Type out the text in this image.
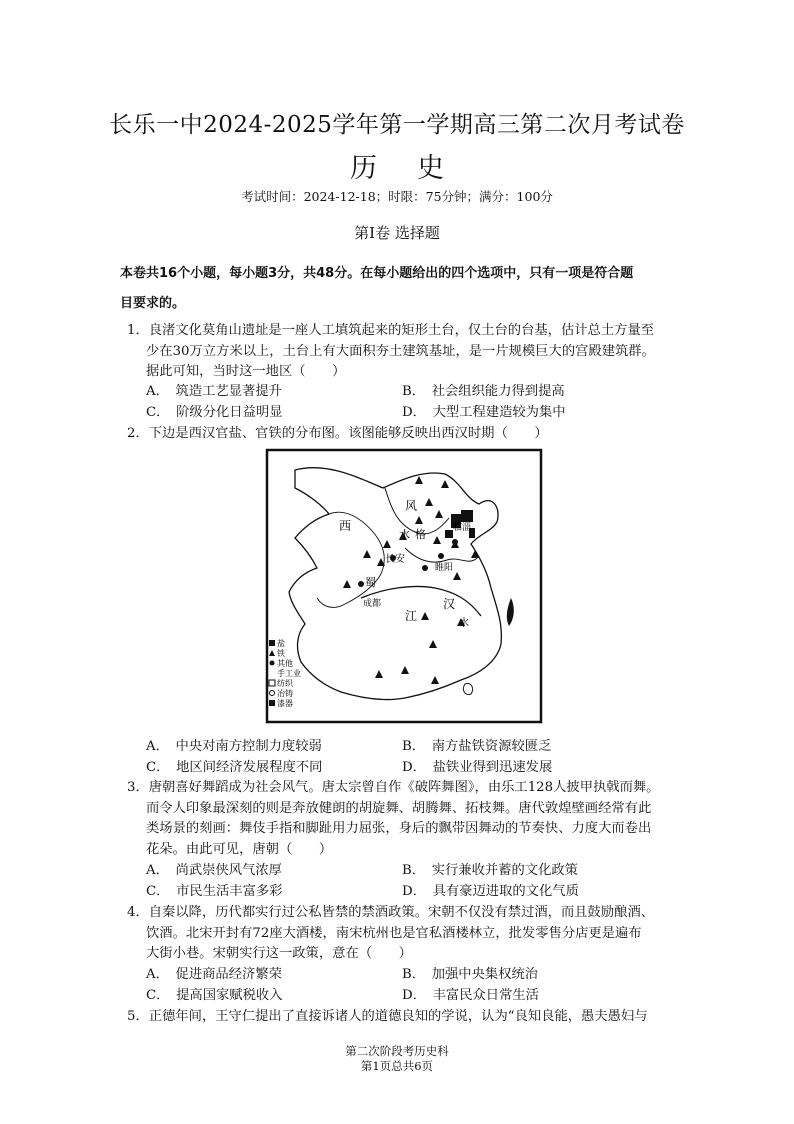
长乐一中2024-2025学年第一学期高三第二次月考试卷
历史
考试时间：2024-12-18；时限：75分钟；满分：100分
第Ⅰ卷 选择题
本卷共16个小题，每小题3分，共48分。在每小题给出的四个选项中，只有一项是符合题
目要求的。
1．良渚文化莫角山遗址是一座人工填筑起来的矩形土台，仅土台的台基，估计总土方量至
少在30万立方米以上，土台上有大面积夯土建筑基址，是一片规模巨大的宫殿建筑群。
据此可知，当时这一地区（　　）
A．　筑造工艺显著提升	B．　社会组织能力得到提高
C．　阶级分化日益明显	D．　大型工程建造较为集中
2．下边是西汉官盐、官铁的分布图。该图能够反映出西汉时期（　　）
西
风
水 格
长安
临淄
睢阳
蜀
成都	汉
水
江
盐
铁
其他
手工业
纺织
冶铸
漆器
A．　中央对南方控制力度较弱	B．　南方盐铁资源较匮乏
C．　地区间经济发展程度不同	D．　盐铁业得到迅速发展
3．唐朝喜好舞蹈成为社会风气。唐太宗曾自作《破阵舞图》，由乐工128人披甲执戟而舞。
而令人印象最深刻的则是奔放健朗的胡旋舞、胡腾舞、拓枝舞。唐代敦煌壁画经常有此
类场景的刻画：舞伎手指和脚趾用力屈张，身后的飘带因舞动的节奏快、力度大而卷出
花朵。由此可见，唐朝（　　）
A．　尚武崇侠风气浓厚	B．　实行兼收并蓄的文化政策
C．　市民生活丰富多彩	D．　具有豪迈进取的文化气质
4．自秦以降，历代都实行过公私皆禁的禁酒政策。宋朝不仅没有禁过酒，而且鼓励酿酒、
饮酒。北宋开封有72座大酒楼，南宋杭州也是官私酒楼林立，批发零售分店更是遍布
大街小巷。宋朝实行这一政策，意在（　　）
A．　促进商品经济繁荣	B．　加强中央集权统治
C．　提高国家赋税收入	D．　丰富民众日常生活
5．正德年间，王守仁提出了直接诉诸人的道德良知的学说，认为“良知良能，愚夫愚妇与
第二次阶段考历史科
第1页总共6页
